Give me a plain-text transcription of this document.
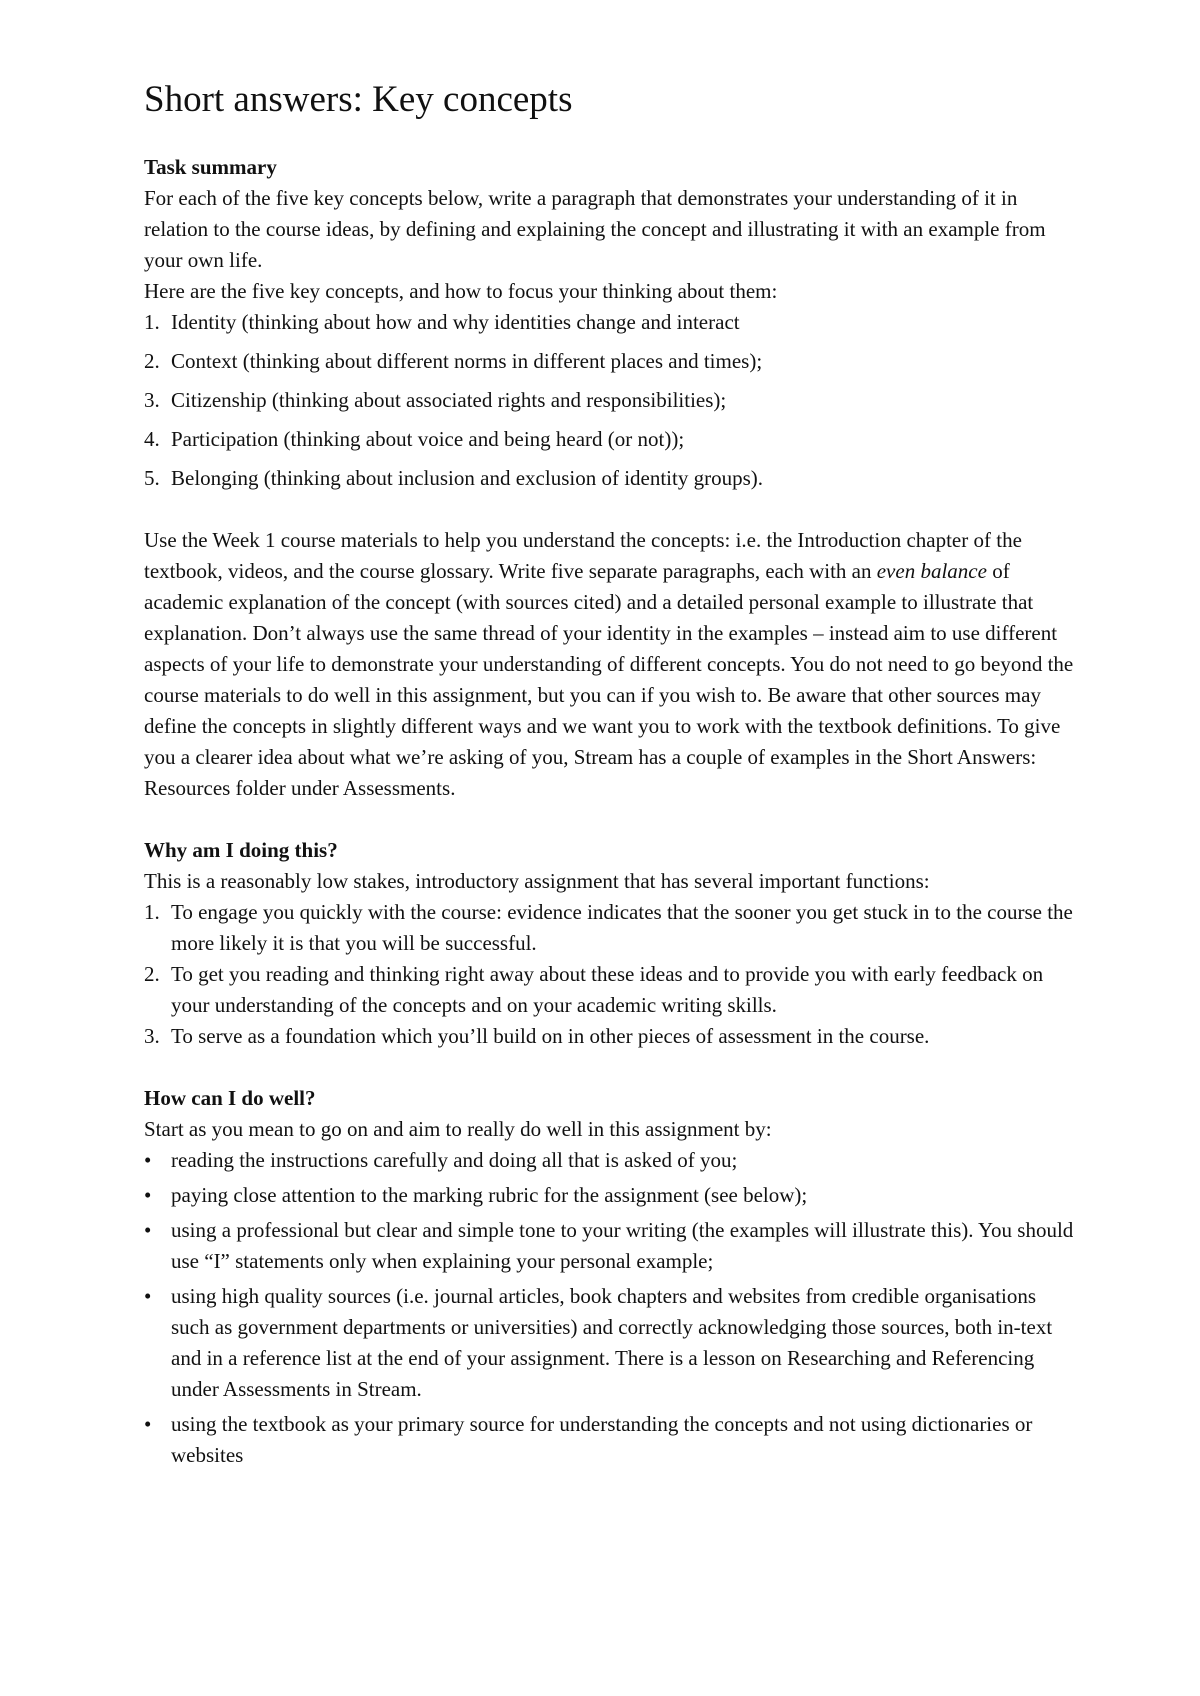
Short answers: Key concepts

Task summary

For each of the five key concepts below, write a paragraph that demonstrates your understanding of it in relation to the course ideas, by defining and explaining the concept and illustrating it with an example from your own life.

Here are the five key concepts, and how to focus your thinking about them:

1. Identity (thinking about how and why identities change and interact
2. Context (thinking about different norms in different places and times);
3. Citizenship (thinking about associated rights and responsibilities);
4. Participation (thinking about voice and being heard (or not));
5. Belonging (thinking about inclusion and exclusion of identity groups).

Use the Week 1 course materials to help you understand the concepts: i.e. the Introduction chapter of the textbook, videos, and the course glossary. Write five separate paragraphs, each with an even balance of academic explanation of the concept (with sources cited) and a detailed personal example to illustrate that explanation. Don’t always use the same thread of your identity in the examples – instead aim to use different aspects of your life to demonstrate your understanding of different concepts. You do not need to go beyond the course materials to do well in this assignment, but you can if you wish to. Be aware that other sources may define the concepts in slightly different ways and we want you to work with the textbook definitions. To give you a clearer idea about what we’re asking of you, Stream has a couple of examples in the Short Answers: Resources folder under Assessments.

Why am I doing this?

This is a reasonably low stakes, introductory assignment that has several important functions:

1. To engage you quickly with the course: evidence indicates that the sooner you get stuck in to the course the more likely it is that you will be successful.
2. To get you reading and thinking right away about these ideas and to provide you with early feedback on your understanding of the concepts and on your academic writing skills.
3. To serve as a foundation which you’ll build on in other pieces of assessment in the course.

How can I do well?

Start as you mean to go on and aim to really do well in this assignment by:

• reading the instructions carefully and doing all that is asked of you;
• paying close attention to the marking rubric for the assignment (see below);
• using a professional but clear and simple tone to your writing (the examples will illustrate this). You should use “I” statements only when explaining your personal example;
• using high quality sources (i.e. journal articles, book chapters and websites from credible organisations such as government departments or universities) and correctly acknowledging those sources, both in-text and in a reference list at the end of your assignment. There is a lesson on Researching and Referencing under Assessments in Stream.
• using the textbook as your primary source for understanding the concepts and not using dictionaries or websites
